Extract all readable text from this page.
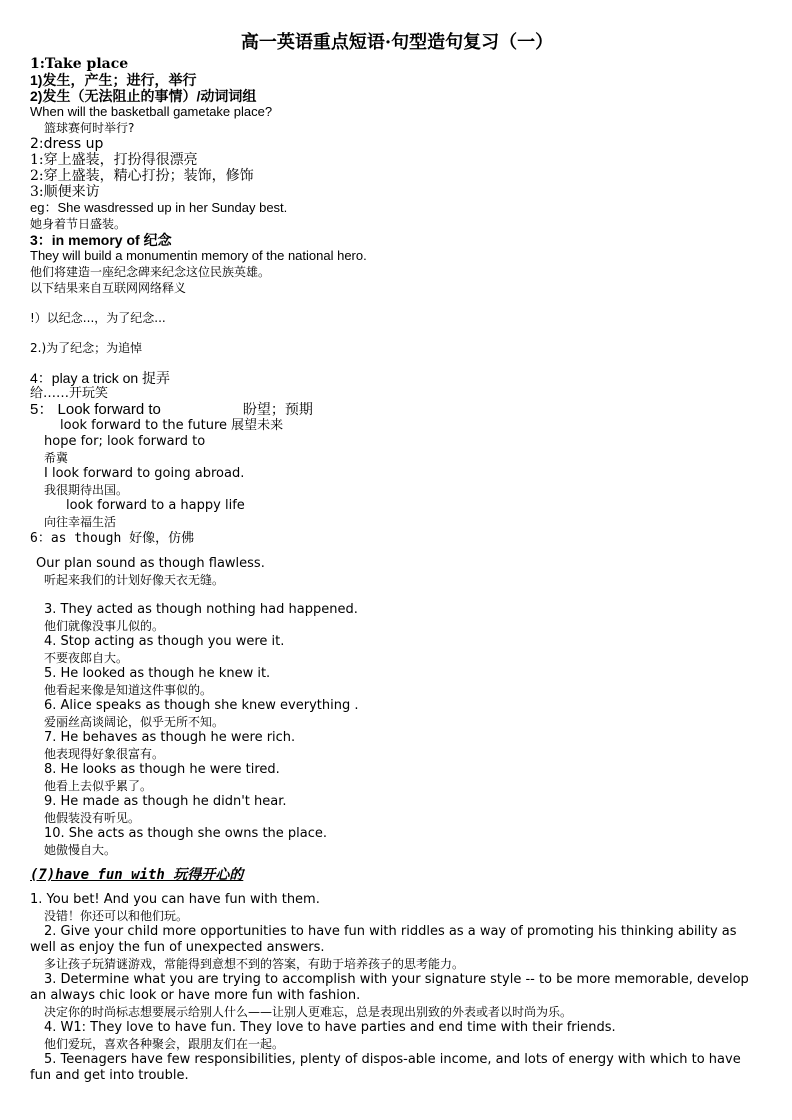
高一英语重点短语·句型造句复习（一）
1:Take place
1)发生，产生；进行，举行
2)发生（无法阻止的事情）/动词词组
When will the basketball gametake place?
篮球赛何时举行?
2:dress up
1:穿上盛装，打扮得很漂亮
2:穿上盛装，精心打扮；装饰，修饰
3:顺便来访
eg：She wasdressed up in her Sunday best.
她身着节日盛装。
3：in memory of 纪念
They will build a monumentin memory of the national hero.
他们将建造一座纪念碑来纪念这位民族英雄。
以下结果来自互联网网络释义
!）以纪念...，为了纪念...
2.)为了纪念；为追悼
4：play a trick on 捉弄
给……开玩笑
5： Look forward to	盼望；预期
look forward to the future 展望未来
hope for; look forward to
希冀
I look forward to going abroad.
我很期待出国。
look forward to a happy life
向往幸福生活
6：as though 好像，仿佛
Our plan sound as though flawless.
听起来我们的计划好像天衣无缝。
3. They acted as though nothing had happened.
他们就像没事儿似的。
4. Stop acting as though you were it.
不要夜郎自大。
5. He looked as though he knew it.
他看起来像是知道这件事似的。
6. Alice speaks as though she knew everything .
爱丽丝高谈阔论，似乎无所不知。
7. He behaves as though he were rich.
他表现得好象很富有。
8. He looks as though he were tired.
他看上去似乎累了。
9. He made as though he didn't hear.
他假装没有听见。
10. She acts as though she owns the place.
她傲慢自大。
(7)have fun with 玩得开心的
1. You bet! And you can have fun with them.
没错！你还可以和他们玩。
2. Give your child more opportunities to have fun with riddles as a way of promoting his thinking ability as well as enjoy the fun of unexpected answers.
多让孩子玩猜谜游戏，常能得到意想不到的答案，有助于培养孩子的思考能力。
3. Determine what you are trying to accomplish with your signature style -- to be more memorable, develop an always chic look or have more fun with fashion.
决定你的时尚标志想要展示给别人什么——让别人更难忘，总是表现出别致的外表或者以时尚为乐。
4. W1: They love to have fun. They love to have parties and end time with their friends.
他们爱玩，喜欢各种聚会，跟朋友们在一起。
5. Teenagers have few responsibilities, plenty of dispos-able income, and lots of energy with which to have fun and get into trouble.
